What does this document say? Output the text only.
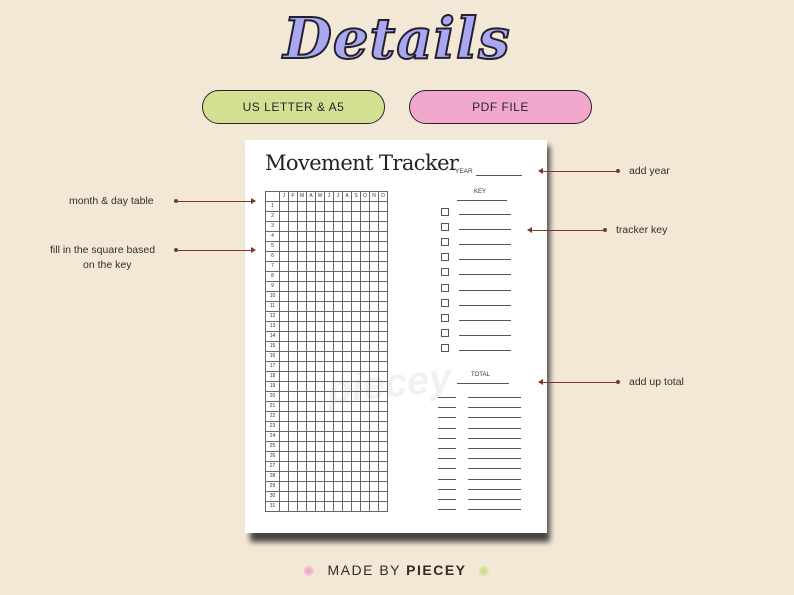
Details
US LETTER & A5	PDF FILE
piecey
Movement Tracker
YEAR
	J	F	M	A	M	J	J	A	S	O	N	D
1												
2												
3												
4												
5												
6												
7												
8												
9												
10												
11												
12												
13												
14												
15												
16												
17												
18												
19												
20												
21												
22												
23												
24												
25												
26												
27												
28												
29												
30												
31												
KEY
TOTAL
month & day table
fill in the square based
on the key
add year
tracker key
add up total
✺ MADE BY PIECEY ✺
